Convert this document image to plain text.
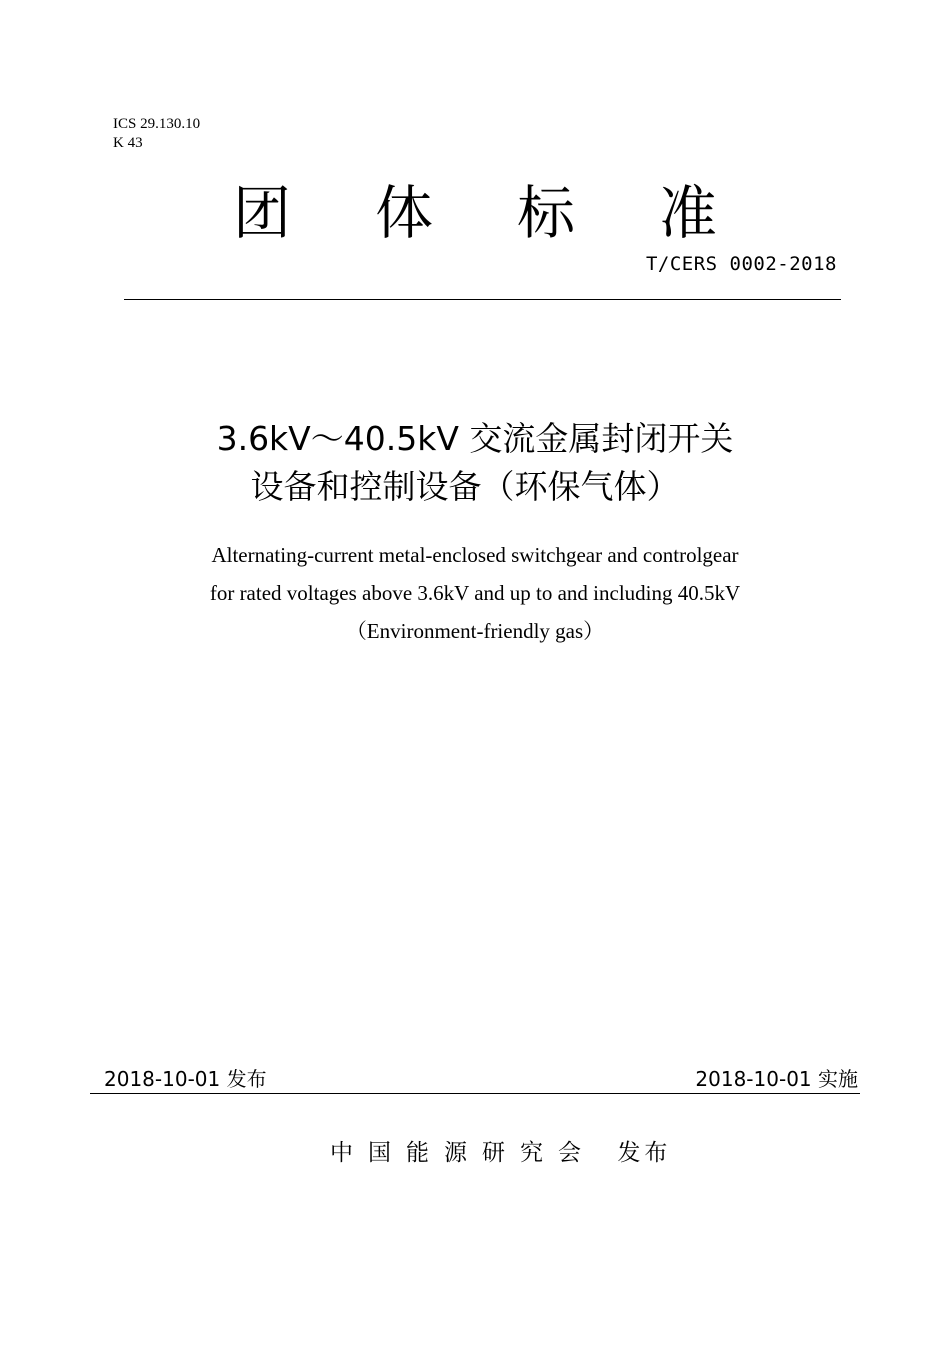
ICS 29.130.10
K 43
团 体 标 准
T/CERS 0002-2018
3.6kV～40.5kV 交流金属封闭开关
设备和控制设备（环保气体）
Alternating-current metal-enclosed switchgear and controlgear
for rated voltages above 3.6kV and up to and including 40.5kV
（Environment-friendly gas）
2018-10-01 发布	2018-10-01 实施
中国能源研究会 发布
